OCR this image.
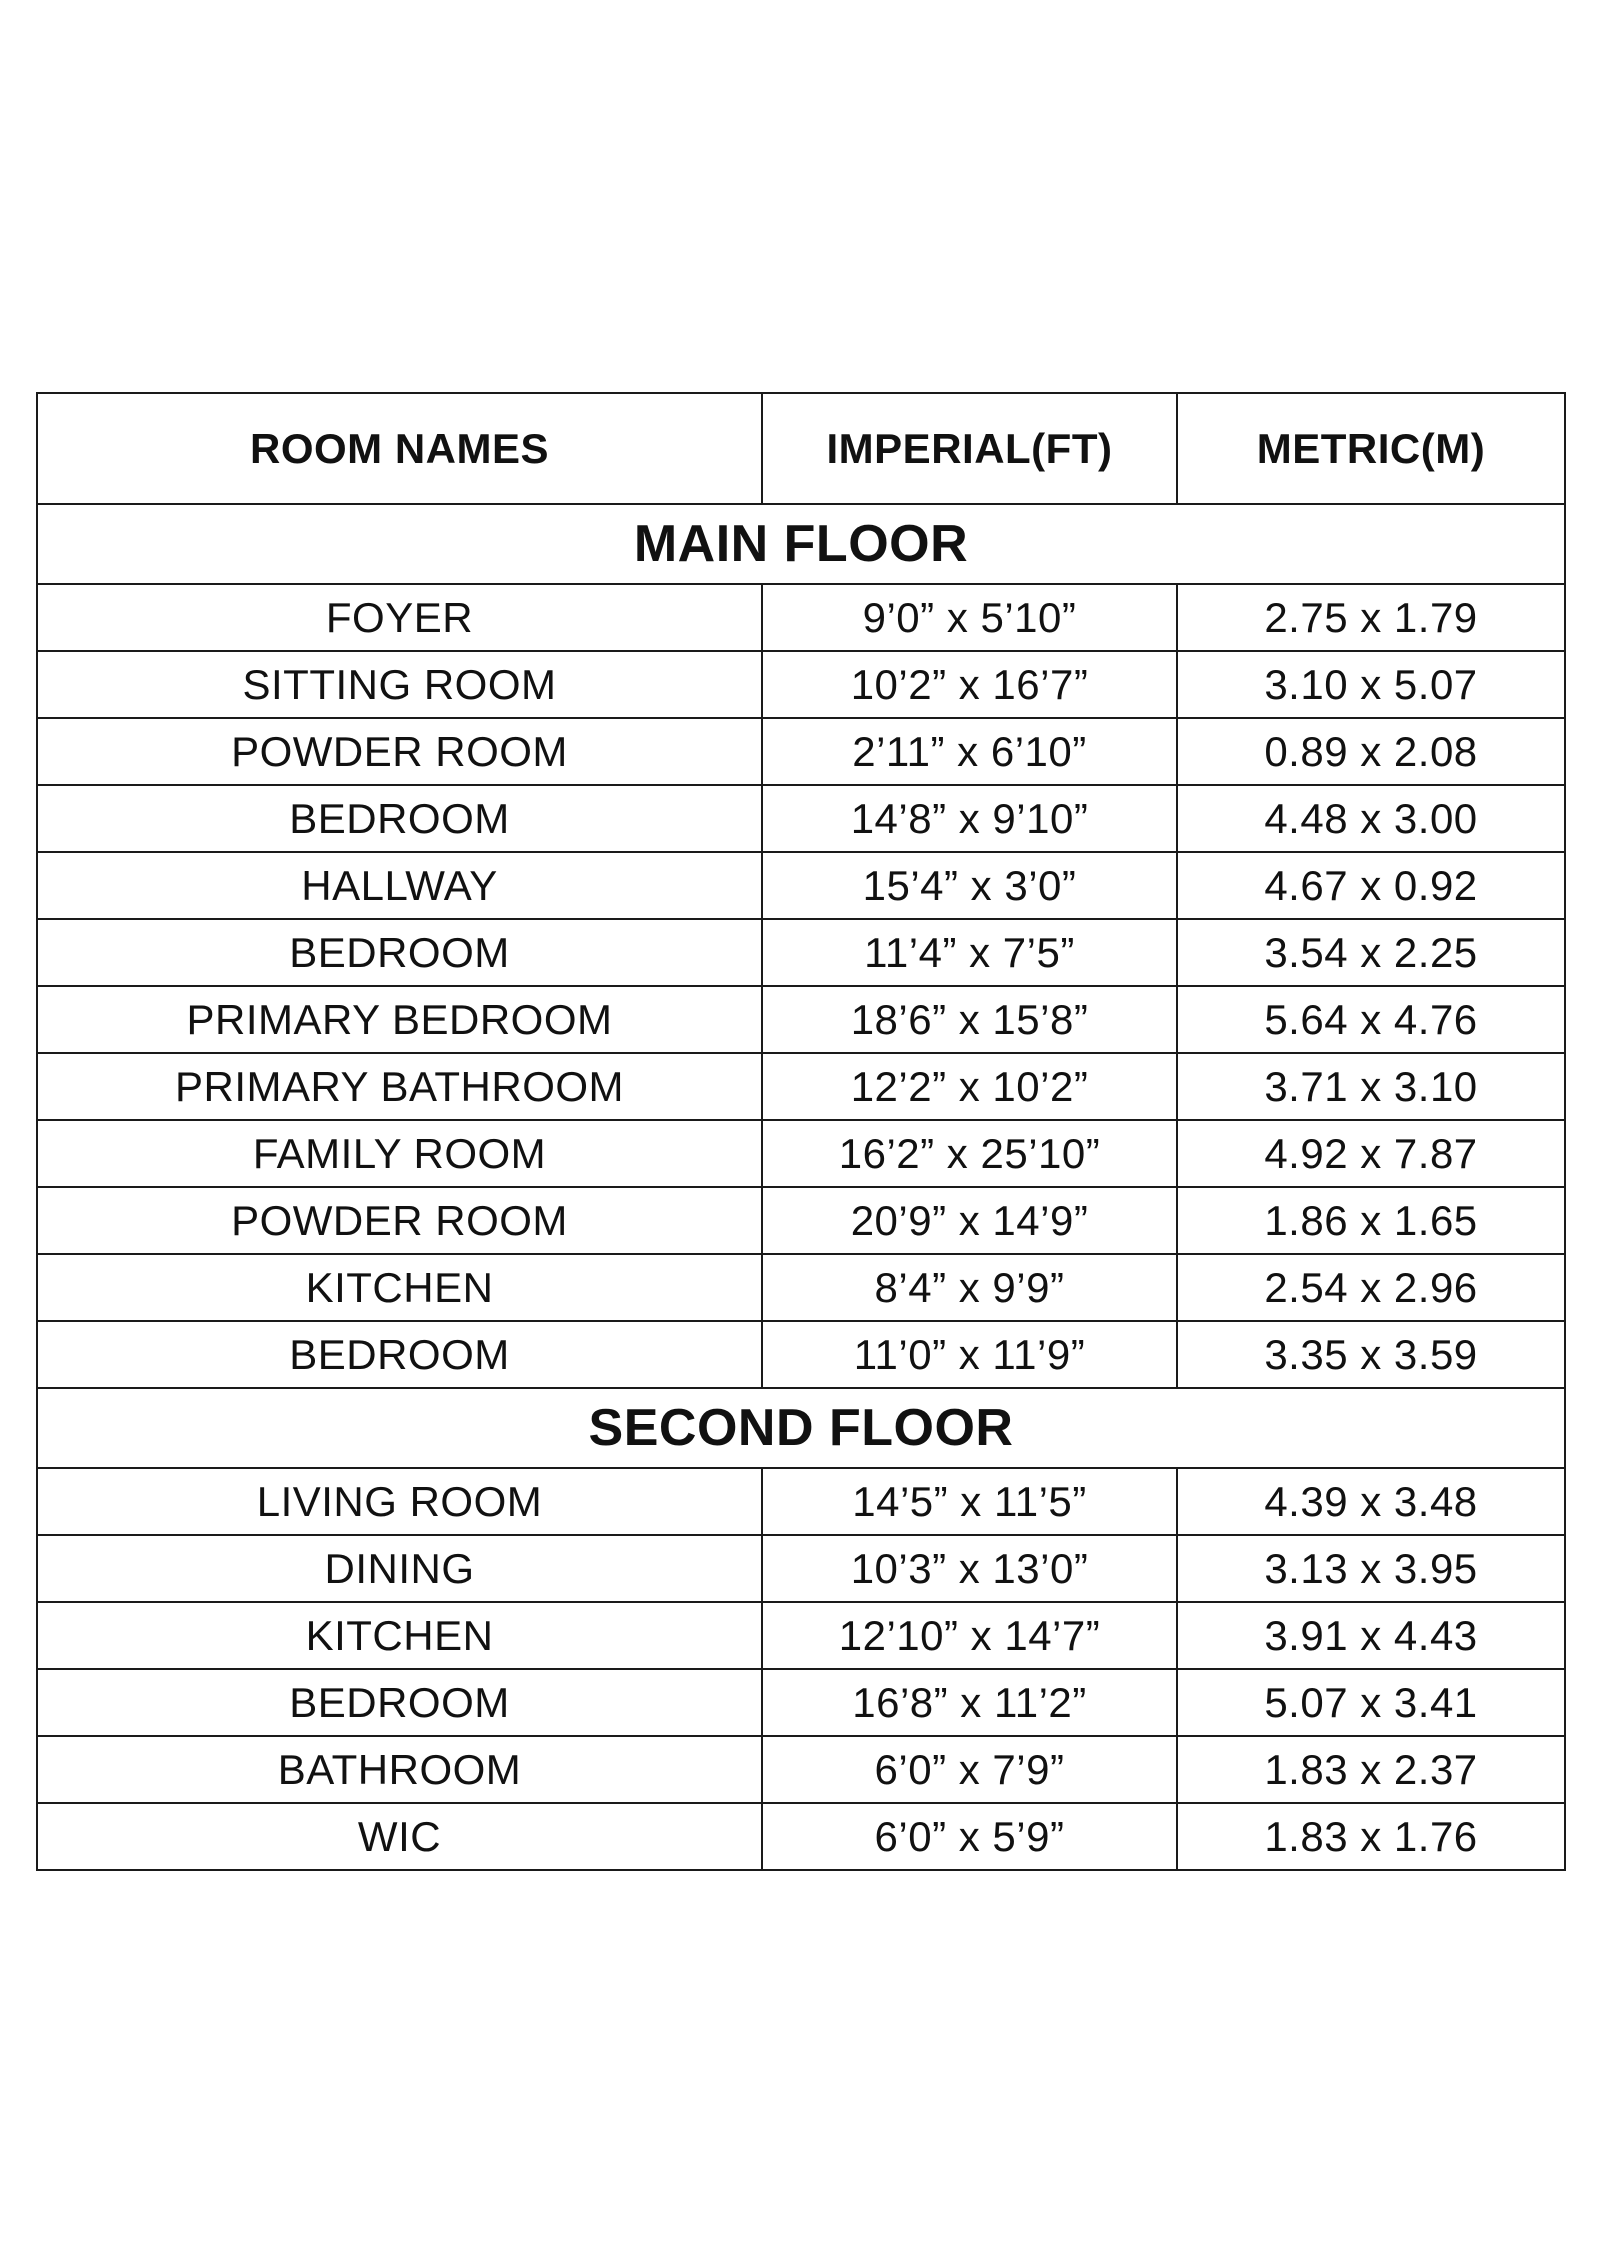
ROOM NAMES	IMPERIAL(FT)	METRIC(M)
MAIN FLOOR		
FOYER	9’0” x 5’10”	2.75 x 1.79
SITTING ROOM	10’2” x 16’7”	3.10 x 5.07
POWDER ROOM	2’11” x 6’10”	0.89 x 2.08
BEDROOM	14’8” x 9’10”	4.48 x 3.00
HALLWAY	15’4” x 3’0”	4.67 x 0.92
BEDROOM	11’4” x 7’5”	3.54 x 2.25
PRIMARY BEDROOM	18’6” x 15’8”	5.64 x 4.76
PRIMARY BATHROOM	12’2” x 10’2”	3.71 x 3.10
FAMILY ROOM	16’2” x 25’10”	4.92 x 7.87
POWDER ROOM	20’9” x 14’9”	1.86 x 1.65
KITCHEN	8’4” x 9’9”	2.54 x 2.96
BEDROOM	11’0” x 11’9”	3.35 x 3.59
SECOND FLOOR		
LIVING ROOM	14’5” x 11’5”	4.39 x 3.48
DINING	10’3” x 13’0”	3.13 x 3.95
KITCHEN	12’10” x 14’7”	3.91 x 4.43
BEDROOM	16’8” x 11’2”	5.07 x 3.41
BATHROOM	6’0” x 7’9”	1.83 x 2.37
WIC	6’0” x 5’9”	1.83 x 1.76
